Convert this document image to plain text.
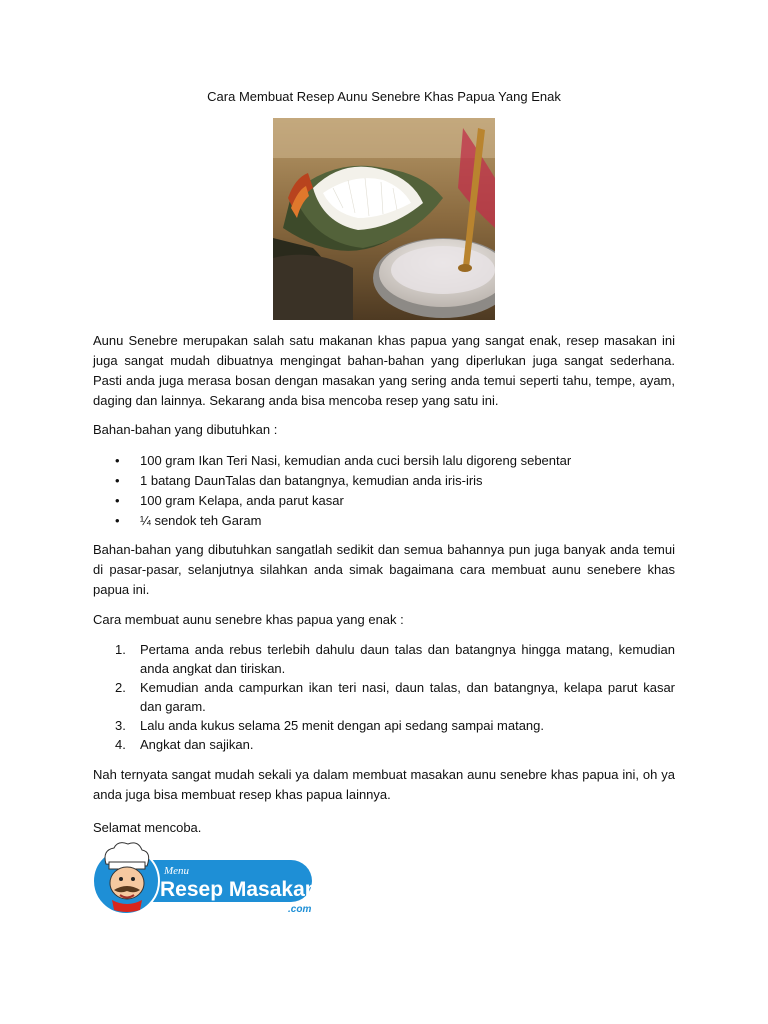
Cara Membuat Resep Aunu Senebre Khas Papua Yang Enak

Aunu Senebre merupakan salah satu makanan khas papua yang sangat enak, resep masakan ini juga sangat mudah dibuatnya mengingat bahan-bahan yang diperlukan juga sangat sederhana. Pasti anda juga merasa bosan dengan masakan yang sering anda temui seperti tahu, tempe, ayam, daging dan lainnya. Sekarang anda bisa mencoba resep yang satu ini.

Bahan-bahan yang dibutuhkan :

• 100 gram Ikan Teri Nasi, kemudian anda cuci bersih lalu digoreng sebentar
• 1 batang DaunTalas dan batangnya, kemudian anda iris-iris
• 100 gram Kelapa, anda parut kasar
• ¼ sendok teh Garam

Bahan-bahan yang dibutuhkan sangatlah sedikit dan semua bahannya pun juga banyak anda temui di pasar-pasar, selanjutnya silahkan anda simak bagaimana cara membuat aunu senebere khas papua ini.

Cara membuat aunu senebre khas papua yang enak :

1. Pertama anda rebus terlebih dahulu daun talas dan batangnya hingga matang, kemudian anda angkat dan tiriskan.
2. Kemudian anda campurkan ikan teri nasi, daun talas, dan batangnya, kelapa parut kasar dan garam.
3. Lalu anda kukus selama 25 menit dengan api sedang sampai matang.
4. Angkat dan sajikan.

Nah ternyata sangat mudah sekali ya dalam membuat masakan aunu senebre khas papua ini, oh ya anda juga bisa membuat resep khas papua lainnya.

Selamat mencoba.

Menu
Resep Masakan
.com
